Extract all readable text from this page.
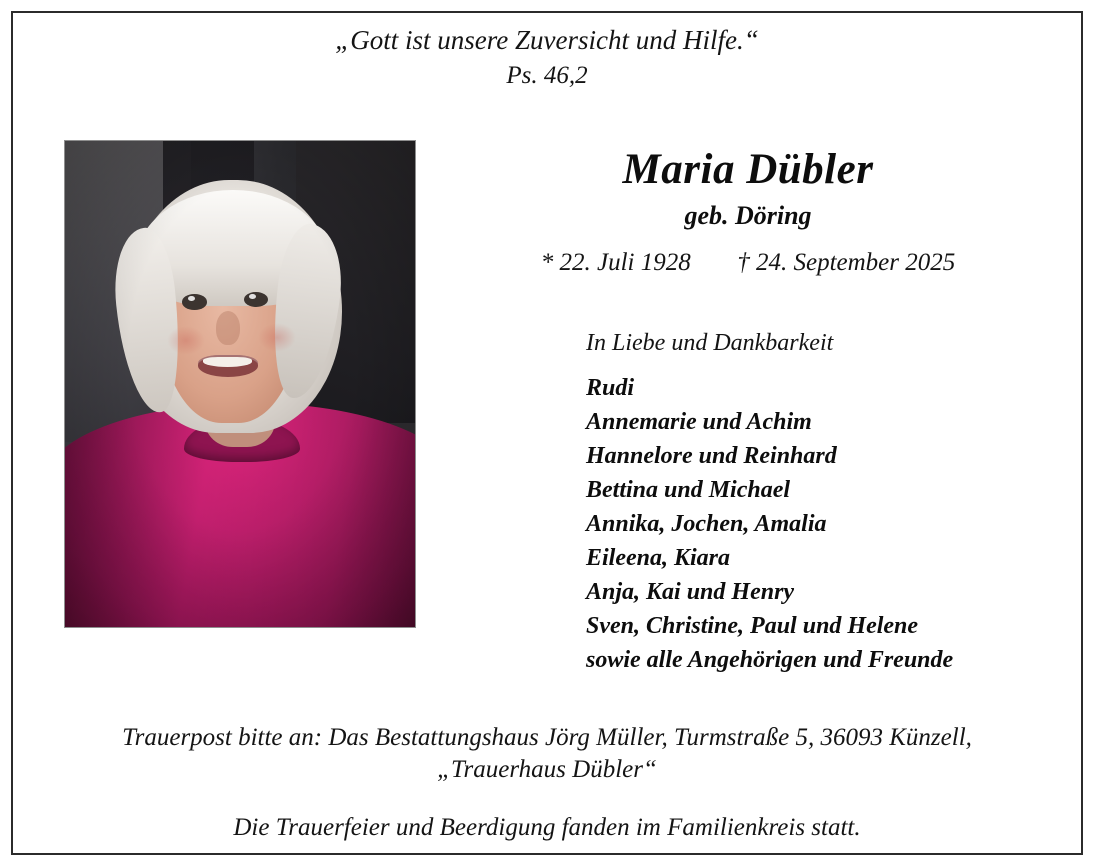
„Gott ist unsere Zuversicht und Hilfe.“
Ps. 46,2
Maria Dübler
geb. Döring
* 22. Juli 1928 † 24. September 2025
In Liebe und Dankbarkeit
Rudi
Annemarie und Achim
Hannelore und Reinhard
Bettina und Michael
Annika, Jochen, Amalia
Eileena, Kiara
Anja, Kai und Henry
Sven, Christine, Paul und Helene
sowie alle Angehörigen und Freunde
Trauerpost bitte an: Das Bestattungshaus Jörg Müller, Turmstraße 5, 36093 Künzell,
„Trauerhaus Dübler“
Die Trauerfeier und Beerdigung fanden im Familienkreis statt.
